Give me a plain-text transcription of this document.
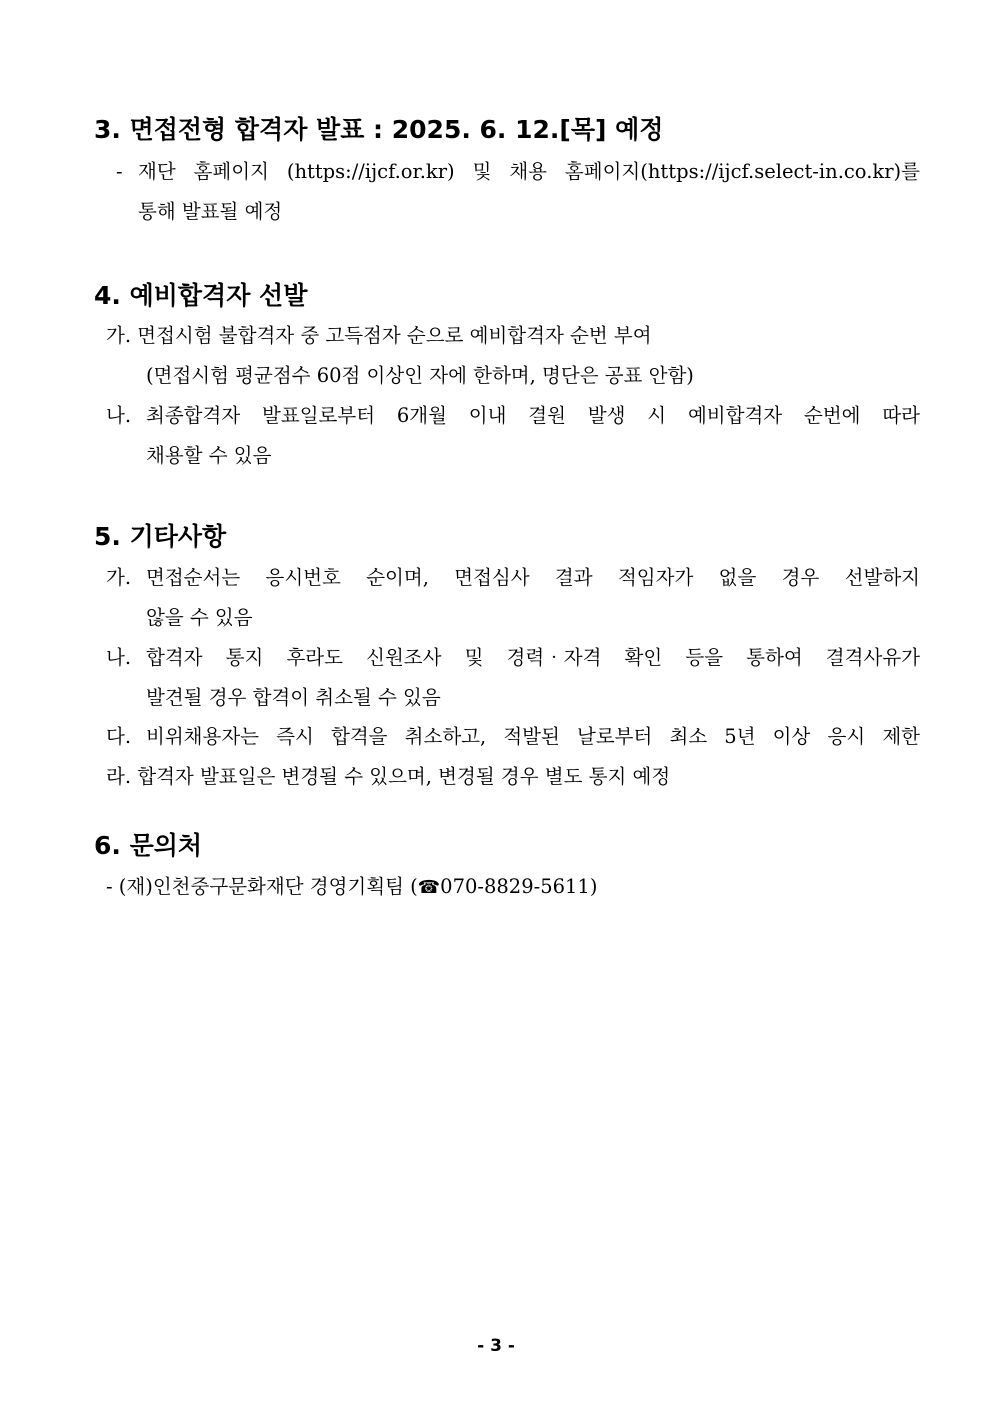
3. 면접전형 합격자 발표 : 2025. 6. 12.[목] 예정
- 재단 홈페이지 (https://ijcf.or.kr) 및 채용 홈페이지(https://ijcf.select-in.co.kr)를
통해 발표될 예정
4. 예비합격자 선발
가. 면접시험 불합격자 중 고득점자 순으로 예비합격자 순번 부여
(면접시험 평균점수 60점 이상인 자에 한하며, 명단은 공표 안함)
나. 최종합격자 발표일로부터 6개월 이내 결원 발생 시 예비합격자 순번에 따라
채용할 수 있음
5. 기타사항
가. 면접순서는 응시번호 순이며, 면접심사 결과 적임자가 없을 경우 선발하지
않을 수 있음
나. 합격자 통지 후라도 신원조사 및 경력‧자격 확인 등을 통하여 결격사유가
발견될 경우 합격이 취소될 수 있음
다. 비위채용자는 즉시 합격을 취소하고, 적발된 날로부터 최소 5년 이상 응시 제한
라. 합격자 발표일은 변경될 수 있으며, 변경될 경우 별도 통지 예정
6. 문의처
- (재)인천중구문화재단 경영기획팀 (☎070-8829-5611)
- 3 -
